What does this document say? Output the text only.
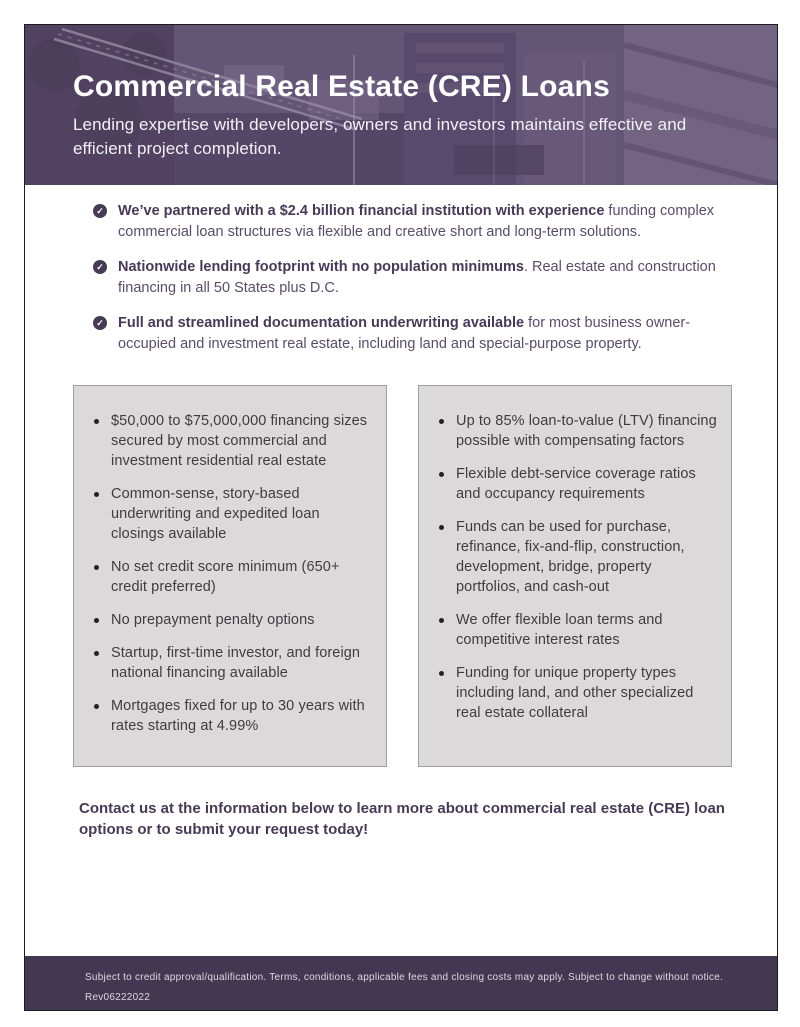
Commercial Real Estate (CRE) Loans

Lending expertise with developers, owners and investors maintains effective and efficient project completion.

✓ We’ve partnered with a $2.4 billion financial institution with experience funding complex commercial loan structures via flexible and creative short and long-term solutions.

✓ Nationwide lending footprint with no population minimums. Real estate and construction financing in all 50 States plus D.C.

✓ Full and streamlined documentation underwriting available for most business owner-occupied and investment real estate, including land and special-purpose property.

$50,000 to $75,000,000 financing sizes secured by most commercial and investment residential real estate
Common-sense, story-based underwriting and expedited loan closings available
No set credit score minimum (650+ credit preferred)
No prepayment penalty options
Startup, first-time investor, and foreign national financing available
Mortgages fixed for up to 30 years with rates starting at 4.99%
Up to 85% loan-to-value (LTV) financing possible with compensating factors
Flexible debt-service coverage ratios and occupancy requirements
Funds can be used for purchase, refinance, fix-and-flip, construction, development, bridge, property portfolios, and cash-out
We offer flexible loan terms and competitive interest rates
Funding for unique property types including land, and other specialized real estate collateral

Contact us at the information below to learn more about commercial real estate (CRE) loan options or to submit your request today!

Subject to credit approval/qualification. Terms, conditions, applicable fees and closing costs may apply. Subject to change without notice.

Rev06222022
